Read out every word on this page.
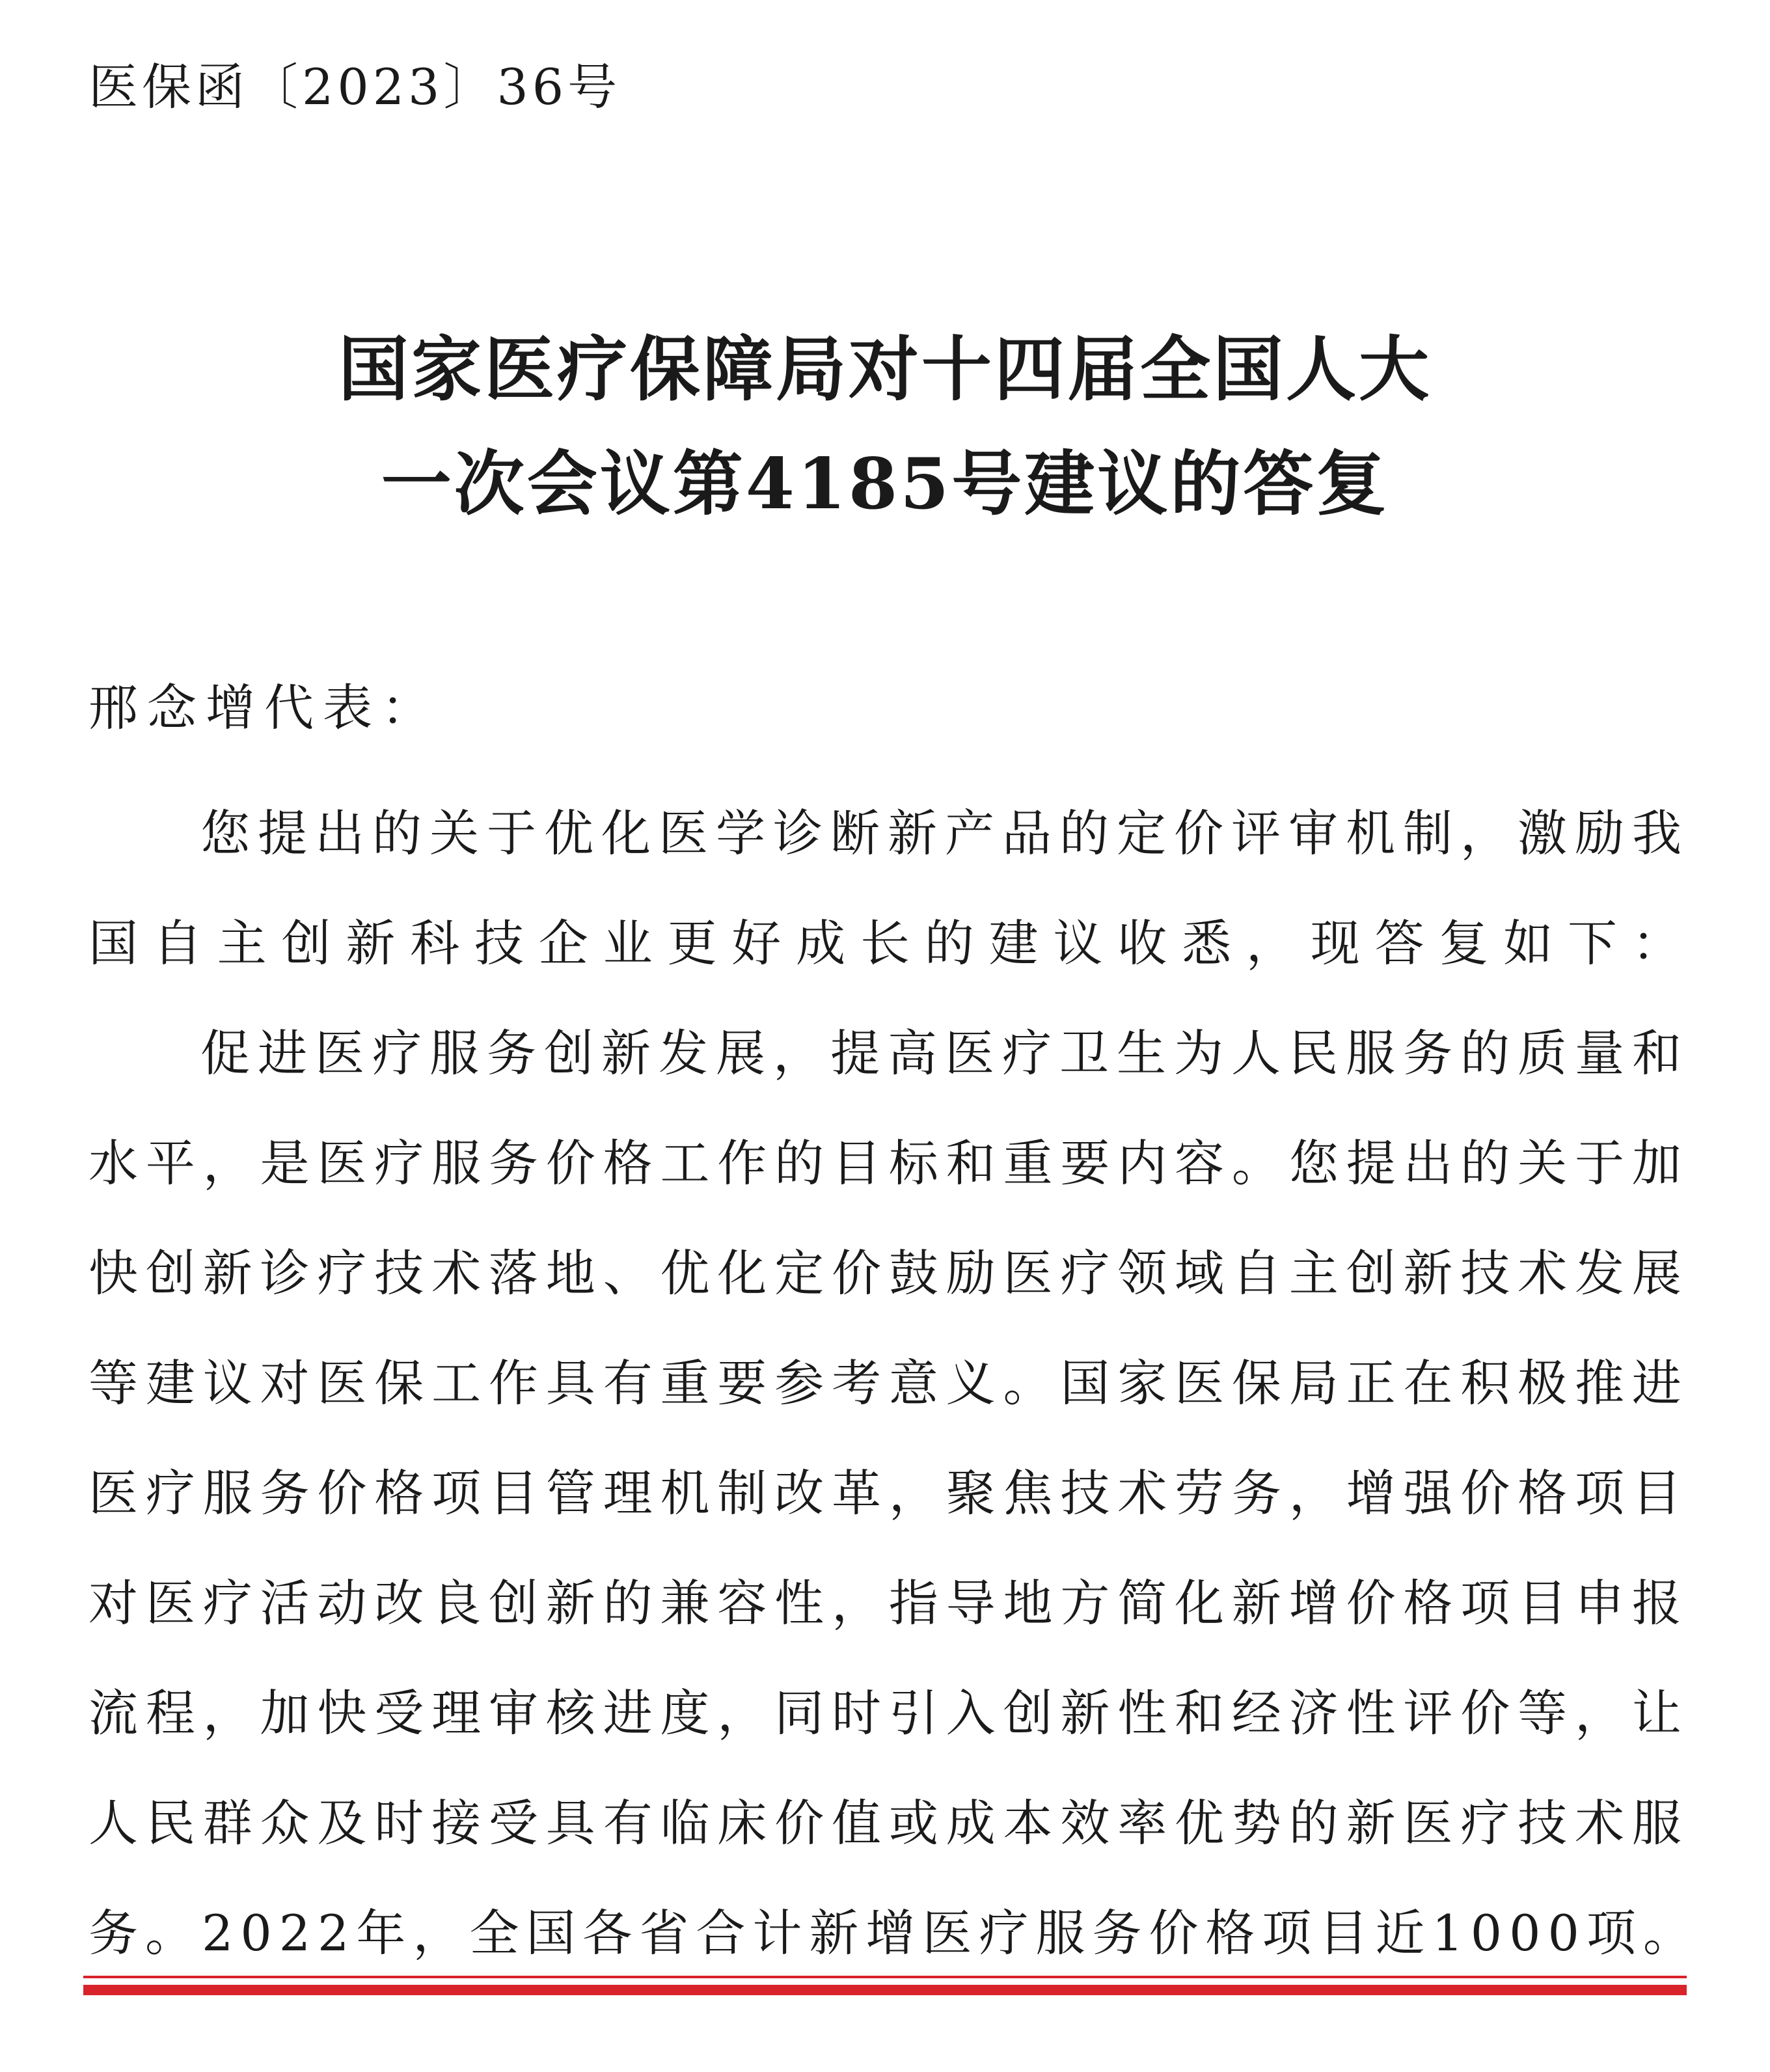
医保函〔2023〕36号
国家医疗保障局对十四届全国人大
一次会议第4185号建议的答复
邢念增代表：
您 提 出 的 关 于 优 化 医 学 诊 断 新 产 品 的 定 价 评 审 机 制 ， 激 励 我
国 自 主 创 新 科 技 企 业 更 好 成 长 的 建 议 收 悉 ， 现 答 复 如 下 ：
促 进 医 疗 服 务 创 新 发 展 ， 提 高 医 疗 卫 生 为 人 民 服 务 的 质 量 和
水 平 ， 是 医 疗 服 务 价 格 工 作 的 目 标 和 重 要 内 容 。 您 提 出 的 关 于 加
快 创 新 诊 疗 技 术 落 地 、 优 化 定 价 鼓 励 医 疗 领 域 自 主 创 新 技 术 发 展
等 建 议 对 医 保 工 作 具 有 重 要 参 考 意 义 。 国 家 医 保 局 正 在 积 极 推 进
医 疗 服 务 价 格 项 目 管 理 机 制 改 革 ， 聚 焦 技 术 劳 务 ， 增 强 价 格 项 目
对 医 疗 活 动 改 良 创 新 的 兼 容 性 ， 指 导 地 方 简 化 新 增 价 格 项 目 申 报
流 程 ， 加 快 受 理 审 核 进 度 ， 同 时 引 入 创 新 性 和 经 济 性 评 价 等 ， 让
人 民 群 众 及 时 接 受 具 有 临 床 价 值 或 成 本 效 率 优 势 的 新 医 疗 技 术 服
务。2022年，全国各省合计新增医疗服务价格项目近1000项。
